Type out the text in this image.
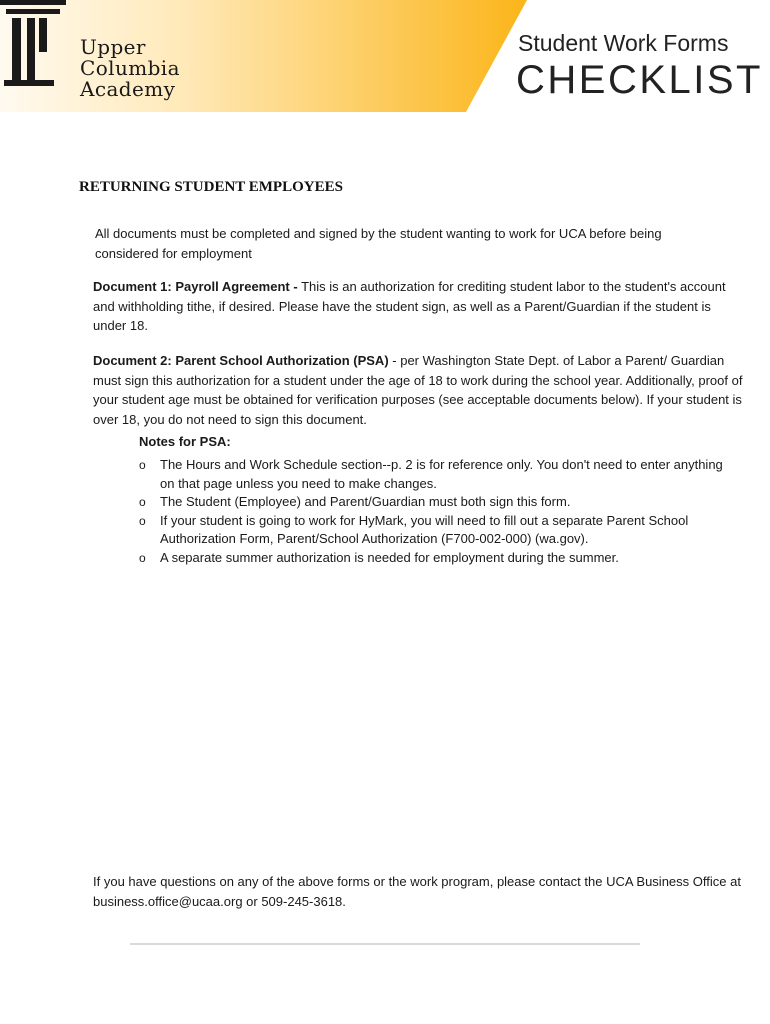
Upper
Columbia
Academy
Student Work Forms
CHECKLIST
RETURNING STUDENT EMPLOYEES
All documents must be completed and signed by the student wanting to work for UCA before being considered for employment
Document 1: Payroll Agreement - This is an authorization for crediting student labor to the student's account and withholding tithe, if desired. Please have the student sign, as well as a Parent/Guardian if the student is under 18.
Document 2: Parent School Authorization (PSA) - per Washington State Dept. of Labor a Parent/ Guardian must sign this authorization for a student under the age of 18 to work during the school year. Additionally, proof of your student age must be obtained for verification purposes (see acceptable documents below). If your student is over 18, you do not need to sign this document.
Notes for PSA:
o The Hours and Work Schedule section--p. 2 is for reference only. You don't need to enter anything on that page unless you need to make changes.
o The Student (Employee) and Parent/Guardian must both sign this form.
o If your student is going to work for HyMark, you will need to fill out a separate Parent School Authorization Form, Parent/School Authorization (F700-002-000) (wa.gov).
o A separate summer authorization is needed for employment during the summer.
If you have questions on any of the above forms or the work program, please contact the UCA Business Office at business.office@ucaa.org or 509-245-3618.
